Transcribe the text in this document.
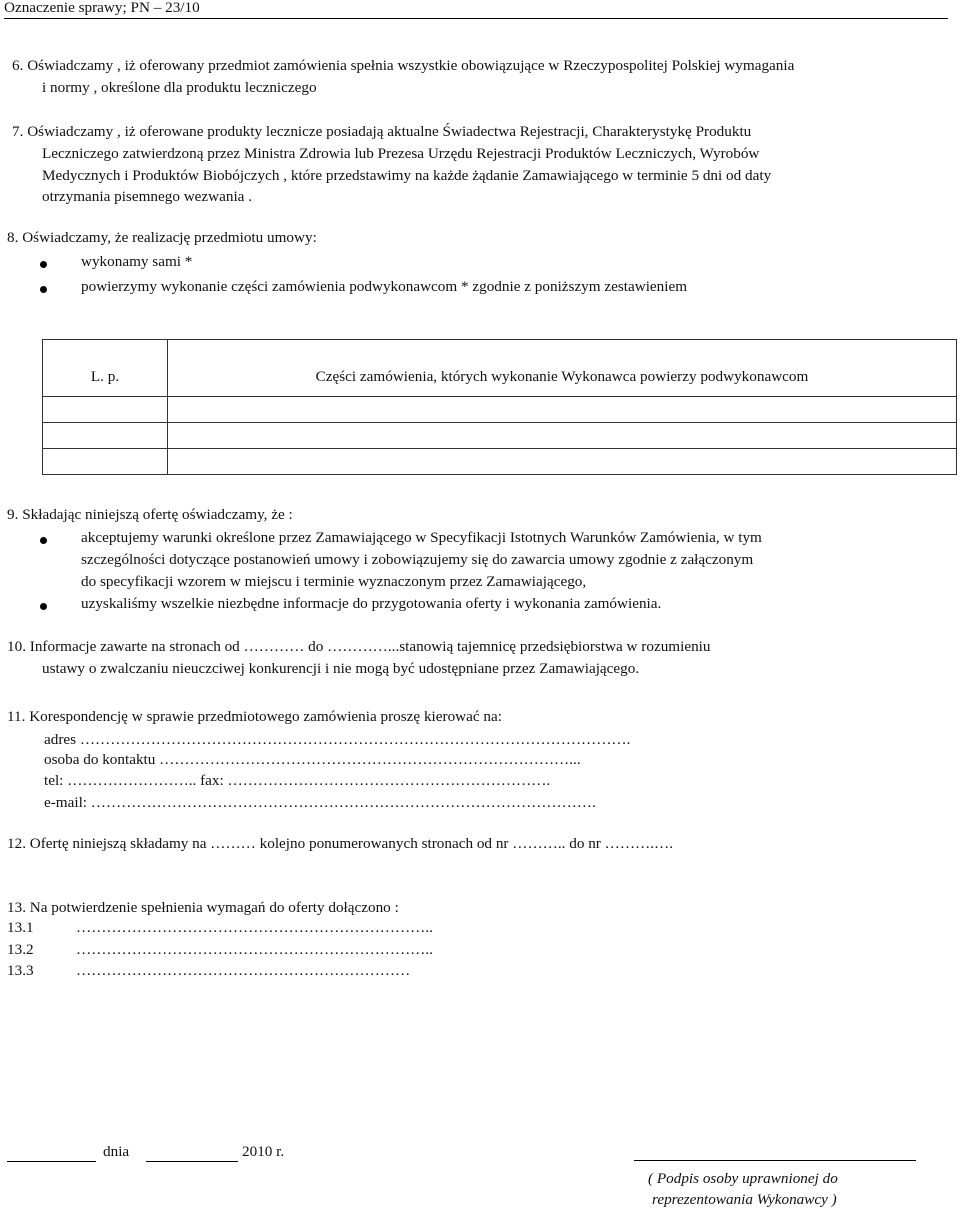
Oznaczenie sprawy; PN – 23/10
6. Oświadczamy , iż oferowany przedmiot zamówienia spełnia wszystkie obowiązujące w Rzeczypospolitej Polskiej wymagania
i normy , określone dla produktu leczniczego
7. Oświadczamy , iż oferowane produkty lecznicze posiadają aktualne Świadectwa Rejestracji, Charakterystykę Produktu
Leczniczego zatwierdzoną przez Ministra Zdrowia lub Prezesa Urzędu Rejestracji Produktów Leczniczych, Wyrobów
Medycznych i Produktów Biobójczych , które przedstawimy na każde żądanie Zamawiającego w terminie 5 dni od daty
otrzymania pisemnego wezwania .
8. Oświadczamy, że realizację przedmiotu umowy:
wykonamy sami *
powierzymy wykonanie części zamówienia podwykonawcom * zgodnie z poniższym zestawieniem
L. p.	Części zamówienia, których wykonanie Wykonawca powierzy podwykonawcom

9. Składając niniejszą ofertę oświadczamy, że :
akceptujemy warunki określone przez Zamawiającego w Specyfikacji Istotnych Warunków Zamówienia, w tym
szczególności dotyczące postanowień umowy i zobowiązujemy się do zawarcia umowy zgodnie z załączonym
do specyfikacji wzorem w miejscu i terminie wyznaczonym przez Zamawiającego,
uzyskaliśmy wszelkie niezbędne informacje do przygotowania oferty i wykonania zamówienia.
10. Informacje zawarte na stronach od ………… do …………...stanowią tajemnicę przedsiębiorstwa w rozumieniu
ustawy o zwalczaniu nieuczciwej konkurencji i nie mogą być udostępniane przez Zamawiającego.
11. Korespondencję w sprawie przedmiotowego zamówienia proszę kierować na:
adres ……………………………………………………………………………………………….
osoba do kontaktu ………………………………………………………………………...
tel: …………………….. fax: ……………………………………………………….
e-mail: ……………………………………………………………………………………….
12. Ofertę niniejszą składamy na ……… kolejno ponumerowanych stronach od nr ……….. do nr ……….….
13. Na potwierdzenie spełnienia wymagań do oferty dołączono :
13.1	……………………………………………………………..
13.2	……………………………………………………………..
13.3	…………………………………………………………
dnia	2010 r.
( Podpis osoby uprawnionej do
reprezentowania Wykonawcy )
